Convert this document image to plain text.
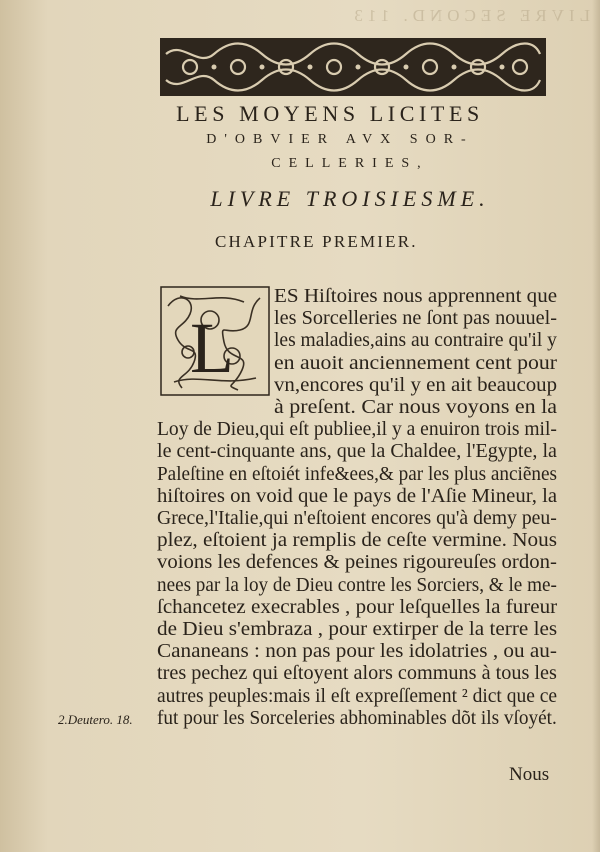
LIVRE SECOND. 113
LES MOYENS LICITES
D'OBVIER AVX SOR-
CELLERIES,
LIVRE TROISIESME.
CHAPITRE PREMIER.
L
ES Hiſtoires nous apprennent que
les Sorcelleries ne ſont pas nouuel-
les maladies,ains au contraire qu'il y
en auoit anciennement cent pour
vn,encores qu'il y en ait beaucoup
à preſent. Car nous voyons en la
Loy de Dieu,qui eſt publiee,il y a enuiron trois mil-
le cent-cinquante ans, que la Chaldee, l'Egypte, la
Paleſtine en eſtoiét infe&ees,& par les plus anciẽnes
hiſtoires on void que le pays de l'Aſie Mineur, la
Grece,l'Italie,qui n'eſtoient encores qu'à demy peu-
plez, eſtoient ja remplis de ceſte vermine. Nous
voions les defences & peines rigoureuſes ordon-
nees par la loy de Dieu contre les Sorciers, & le me-
ſchancetez execrables , pour leſquelles la fureur
de Dieu s'embraza , pour extirper de la terre les
Cananeans : non pas pour les idolatries , ou au-
tres pechez qui eſtoyent alors communs à tous les
autres peuples:mais il eſt expreſſement ² dict que ce
fut pour les Sorceleries abhominables dõt ils vſoyét.
2.Deutero. 18.
Nous
